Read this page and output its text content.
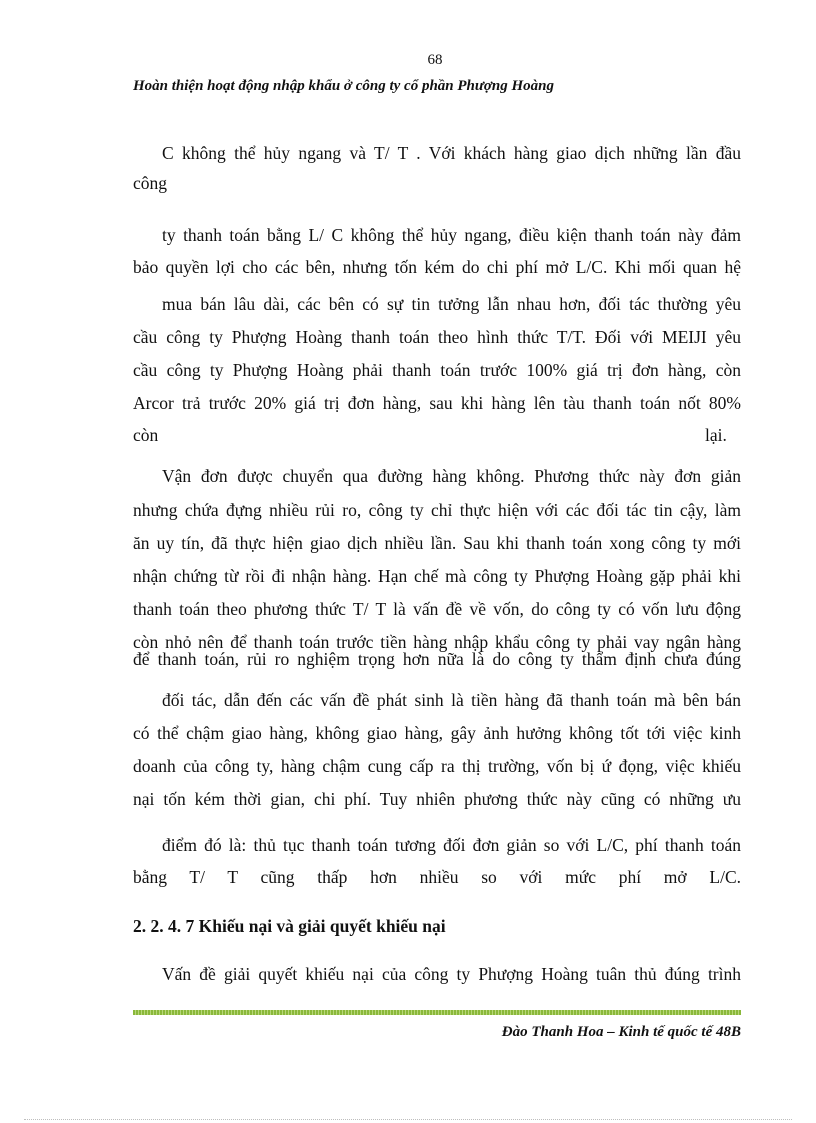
68
Hoàn thiện hoạt động nhập khẩu ở công ty cổ phần Phượng Hoàng
C không thể hủy ngang và T/ T . Với khách hàng giao dịch những lần đầu
công
ty thanh toán bằng L/ C không thể hủy ngang, điều kiện thanh toán này đảm
bảo quyền lợi cho các bên, nhưng tốn kém do chi phí mở L/C. Khi mối quan hệ
mua bán lâu dài, các bên có sự tin tưởng lẫn nhau hơn, đối tác thường yêu
cầu công ty Phượng Hoàng thanh toán theo hình thức T/T. Đối với MEIJI yêu
cầu công ty Phượng Hoàng phải thanh toán trước 100% giá trị đơn hàng, còn
Arcor trả trước 20% giá trị đơn hàng, sau khi hàng lên tàu thanh toán nốt 80%
còn	lại.
Vận đơn được chuyển qua đường hàng không. Phương thức này đơn giản
nhưng chứa đựng nhiều rủi ro, công ty chỉ thực hiện với các đối tác tin cậy, làm
ăn uy tín, đã thực hiện giao dịch nhiều lần. Sau khi thanh toán xong công ty mới
nhận chứng từ rồi đi nhận hàng. Hạn chế mà công ty Phượng Hoàng gặp phải khi
thanh toán theo phương thức T/ T là vấn đề về vốn, do công ty có vốn lưu động
còn nhỏ nên để thanh toán trước tiền hàng nhập khẩu công ty phải vay ngân hàng
để thanh toán, rủi ro nghiệm trọng hơn nữa là do công ty thẩm định chưa đúng
đối tác, dẫn đến các vấn đề phát sinh là tiền hàng đã thanh toán mà bên bán
có thể chậm giao hàng, không giao hàng, gây ảnh hưởng không tốt tới việc kinh
doanh của công ty, hàng chậm cung cấp ra thị trường, vốn bị ứ đọng, việc khiếu
nại tốn kém thời gian, chi phí. Tuy nhiên phương thức này cũng có những ưu
điểm đó là: thủ tục thanh toán tương đối đơn giản so với L/C, phí thanh toán
bằng T/ T cũng thấp hơn nhiều so với mức phí mở L/C.
2. 2. 4. 7 Khiếu nại và giải quyết khiếu nại
Vấn đề giải quyết khiếu nại của công ty Phượng Hoàng tuân thủ đúng trình
Đào Thanh Hoa – Kinh tế quốc tế 48B
